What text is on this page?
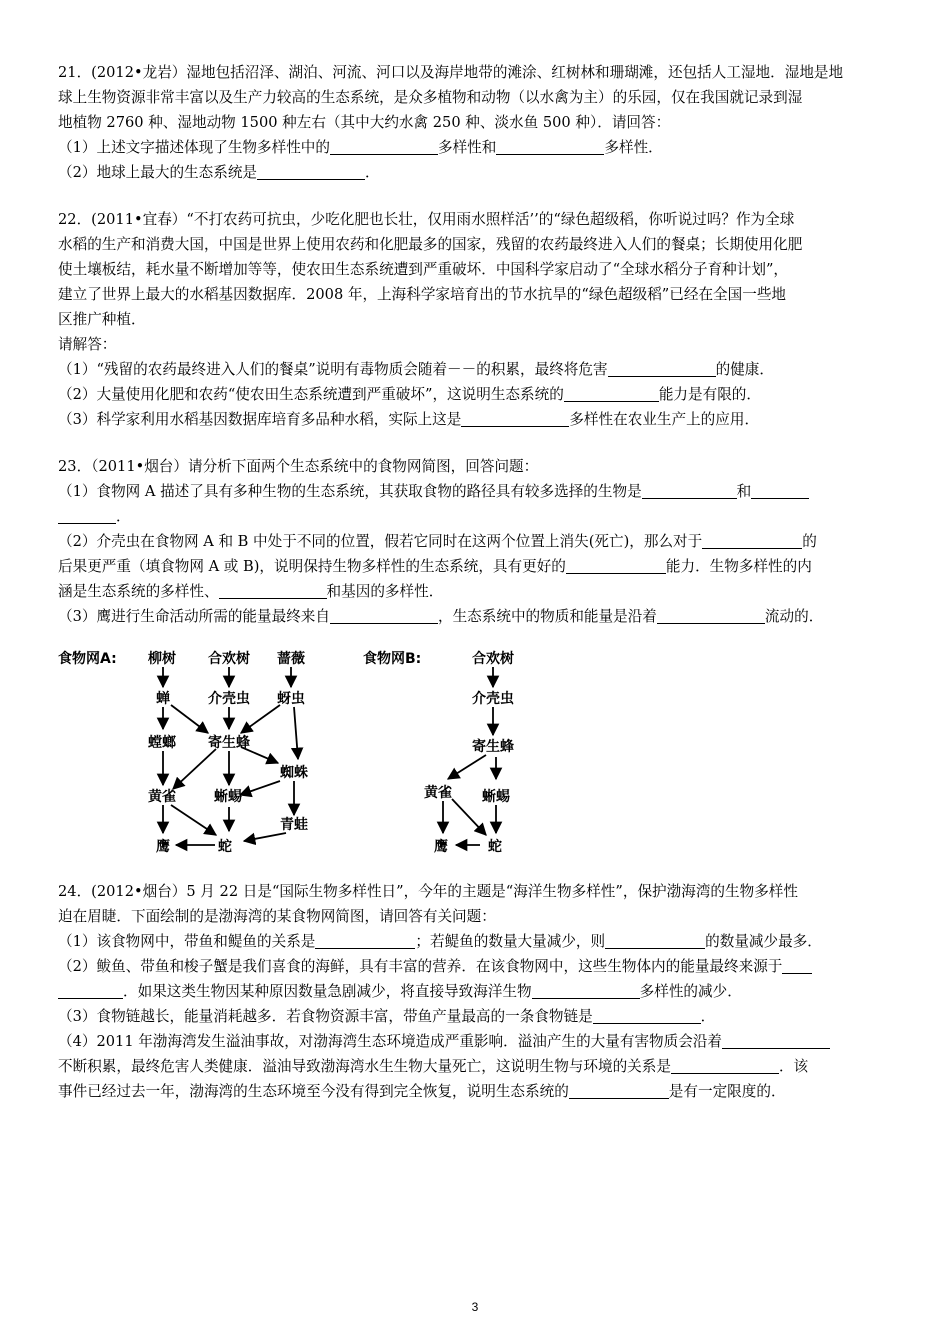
21．(2012•龙岩）湿地包括沼泽、湖泊、河流、河口以及海岸地带的滩涂、红树林和珊瑚滩，还包括人工湿地．湿地是地

球上生物资源非常丰富以及生产力较高的生态系统，是众多植物和动物（以水禽为主）的乐园，仅在我国就记录到湿

地植物 2760 种、湿地动物 1500 种左右（其中大约水禽 250 种、淡水鱼 500 种）．请回答：

（1）上述文字描述体现了生物多样性中的	多样性和	多样性．

（2）地球上最大的生态系统是	．

22．(2011•宜春）“不打农药可抗虫，少吃化肥也长壮，仅用雨水照样活’’的“绿色超级稻，你听说过吗？作为全球

水稻的生产和消费大国，中国是世界上使用农药和化肥最多的国家，残留的农药最终进入人们的餐桌；长期使用化肥

使土壤板结，耗水量不断增加等等，使农田生态系统遭到严重破坏．中国科学家启动了“全球水稻分子育种计划”，

建立了世界上最大的水稻基因数据库．2008 年，上海科学家培育出的节水抗旱的“绿色超级稻”已经在全国一些地

区推广种植．

请解答：

（1）“残留的农药最终进入人们的餐桌”说明有毒物质会随着－－的积累，最终将危害	的健康．

（2）大量使用化肥和农药“使农田生态系统遭到严重破坏”，这说明生态系统的	能力是有限的．

（3）科学家利用水稻基因数据库培育多品种水稻，实际上这是	多样性在农业生产上的应用．

23．（2011•烟台）请分析下面两个生态系统中的食物网简图，回答问题：

（1）食物网 A 描述了具有多种生物的生态系统，其获取食物的路径具有较多选择的生物是	和

．

（2）介壳虫在食物网 A 和 B 中处于不同的位置，假若它同时在这两个位置上消失(死亡)，那么对于	的

后果更严重（填食物网 A 或 B)，说明保持生物多样性的生态系统，具有更好的	能力．生物多样性的内

涵是生态系统的多样性、	和基因的多样性．

（3）鹰进行生命活动所需的能量最终来自	，生态系统中的物质和能量是沿着	流动的．

食物网A: 柳树 合欢树 蔷薇
蝉	介壳虫 蚜虫
螳螂 寄生蜂
蜘蛛
黄雀	蜥蜴
青蛙
鹰	蛇
食物网B:	合欢树
介壳虫
寄生蜂
黄雀 蜥蜴
鹰	蛇

24．(2012•烟台）5 月 22 日是“国际生物多样性日”，今年的主题是“海洋生物多样性”，保护渤海湾的生物多样性

迫在眉睫．下面绘制的是渤海湾的某食物网简图，请回答有关问题：

（1）该食物网中，带鱼和鳀鱼的关系是	；若鳀鱼的数量大量减少，则	的数量减少最多．

（2）鲅鱼、带鱼和梭子蟹是我们喜食的海鲜，具有丰富的营养．在该食物网中，这些生物体内的能量最终来源于

．如果这类生物因某种原因数量急剧减少，将直接导致海洋生物	多样性的减少．

（3）食物链越长，能量消耗越多．若食物资源丰富，带鱼产量最高的一条食物链是	．

（4）2011 年渤海湾发生溢油事故，对渤海湾生态环境造成严重影响．溢油产生的大量有害物质会沿着

不断积累，最终危害人类健康．溢油导致渤海湾水生生物大量死亡，这说明生物与环境的关系是	．该

事件已经过去一年，渤海湾的生态环境至今没有得到完全恢复，说明生态系统的	是有一定限度的．

3
